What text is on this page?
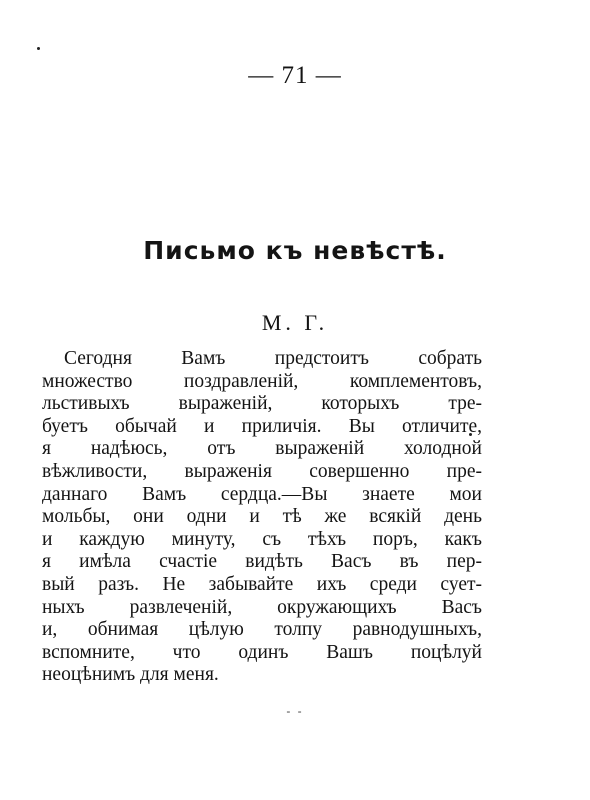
— 71 —
Письмо къ невѣстѣ.
М. Г.
Сегодня Вамъ предстоитъ собрать
множество поздравленій, комплементовъ,
льстивыхъ выраженій, которыхъ тре-
буетъ обычай и приличія. Вы отличите,
я надѣюсь, отъ выраженій холодной
вѣжливости, выраженія совершенно пре-
даннаго Вамъ сердца.—Вы знаете мои
мольбы, они одни и тѣ же всякій день
и каждую минуту, съ тѣхъ поръ, какъ
я имѣла счастіе видѣть Васъ въ пер-
вый разъ. Не забывайте ихъ среди сует-
ныхъ развлеченій, окружающихъ Васъ
и, обнимая цѣлую толпу равнодушныхъ,
вспомните, что одинъ Вашъ поцѣлуй
неоцѣнимъ для меня.
- -
